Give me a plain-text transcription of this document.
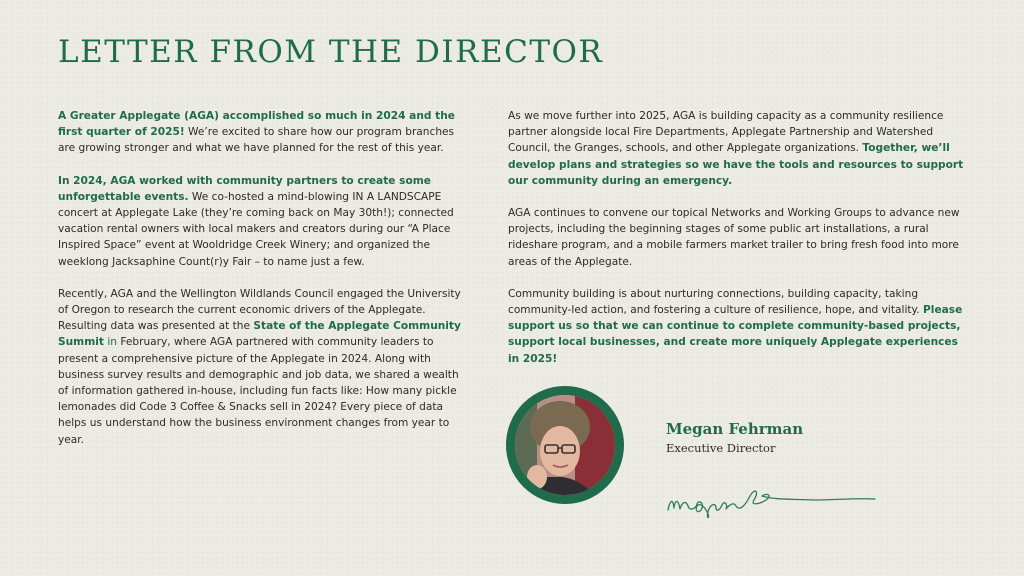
LETTER FROM THE DIRECTOR

A Greater Applegate (AGA) accomplished so much in 2024 and the first quarter of 2025! We’re excited to share how our program branches are growing stronger and what we have planned for the rest of this year.

In 2024, AGA worked with community partners to create some unforgettable events. We co-hosted a mind-blowing IN A LANDSCAPE concert at Applegate Lake (they’re coming back on May 30th!); connected vacation rental owners with local makers and creators during our “A Place Inspired Space” event at Wooldridge Creek Winery; and organized the weeklong Jacksaphine Count(r)y Fair – to name just a few.

Recently, AGA and the Wellington Wildlands Council engaged the University of Oregon to research the current economic drivers of the Applegate. Resulting data was presented at the State of the Applegate Community Summit in February, where AGA partnered with community leaders to present a comprehensive picture of the Applegate in 2024. Along with business survey results and demographic and job data, we shared a wealth of information gathered in-house, including fun facts like: How many pickle lemonades did Code 3 Coffee & Snacks sell in 2024? Every piece of data helps us understand how the business environment changes from year to year.

As we move further into 2025, AGA is building capacity as a community resilience partner alongside local Fire Departments, Applegate Partnership and Watershed Council, the Granges, schools, and other Applegate organizations. Together, we’ll develop plans and strategies so we have the tools and resources to support our community during an emergency.

AGA continues to convene our topical Networks and Working Groups to advance new projects, including the beginning stages of some public art installations, a rural rideshare program, and a mobile farmers market trailer to bring fresh food into more areas of the Applegate.

Community building is about nurturing connections, building capacity, taking community-led action, and fostering a culture of resilience, hope, and vitality. Please support us so that we can continue to complete community-based projects, support local businesses, and create more uniquely Applegate experiences in 2025!

Megan Fehrman
Executive Director
